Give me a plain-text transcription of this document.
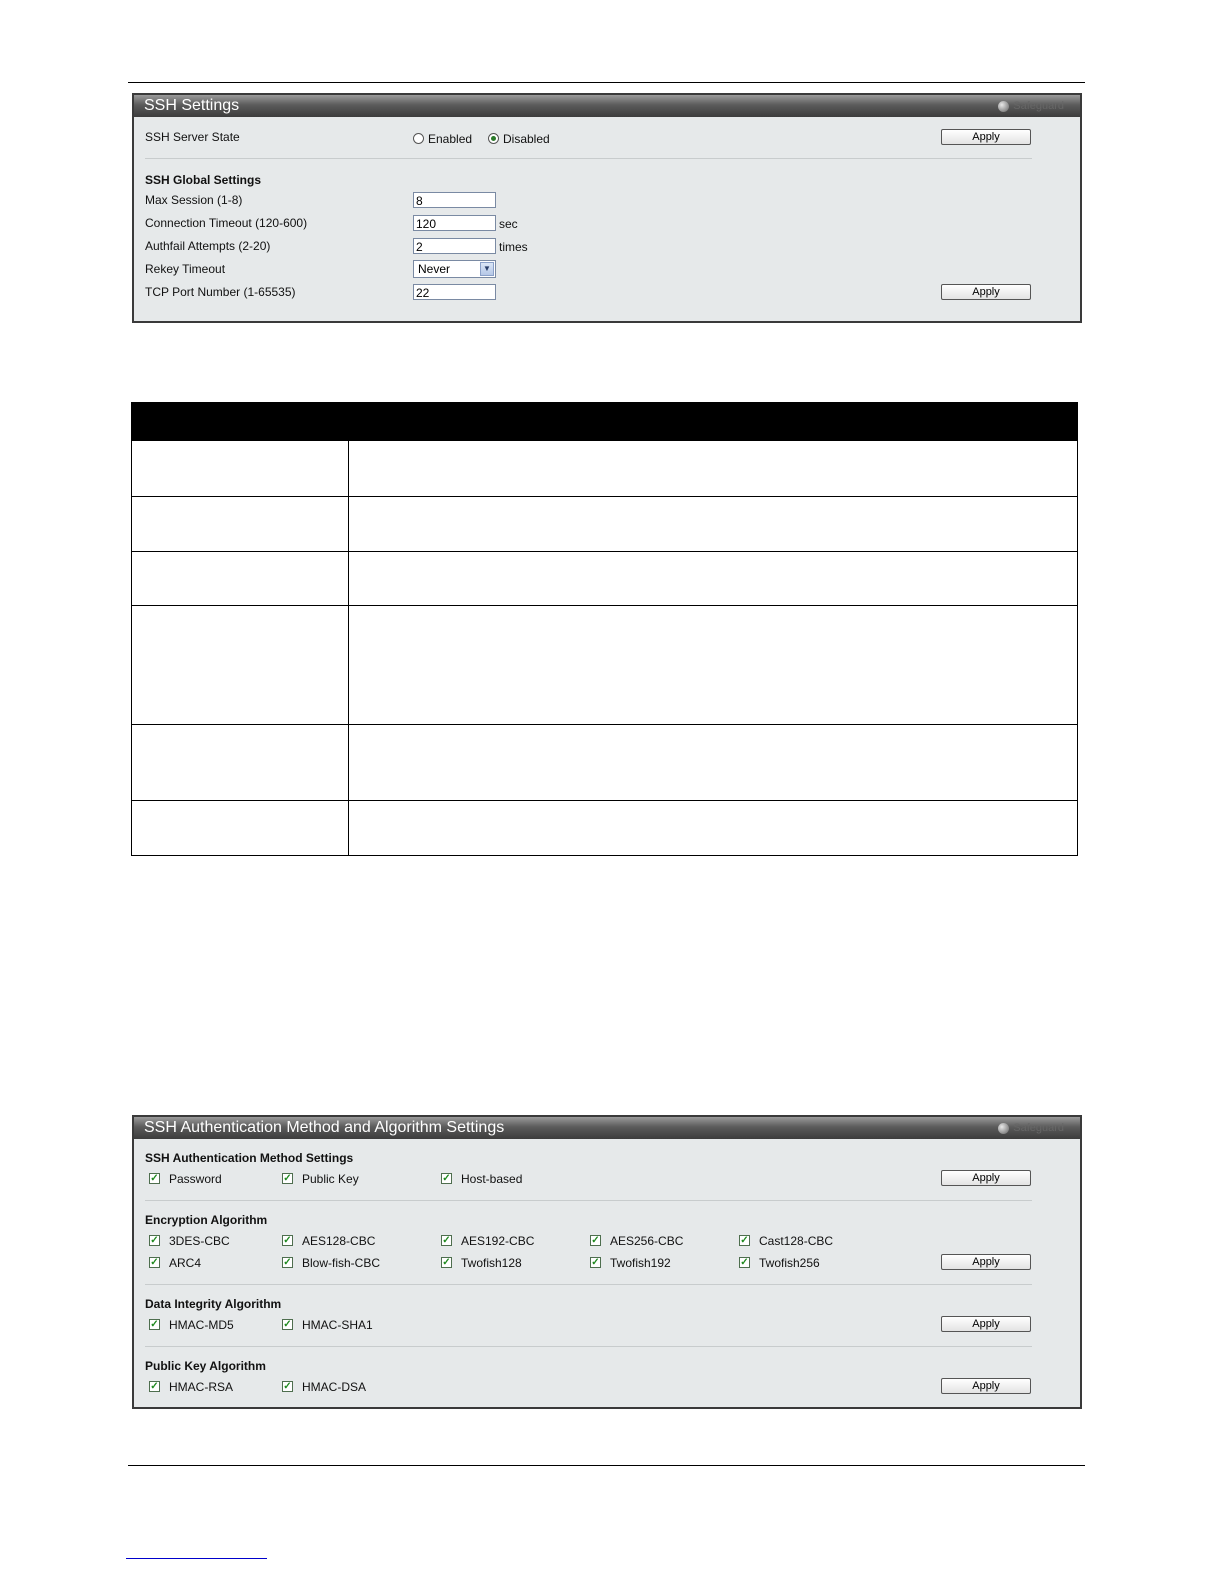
SSH Settings	Safeguard
SSH Server State	Enabled	Disabled	Apply
SSH Global Settings
Max Session (1-8)	8
Connection Timeout (120-600)	120	sec
Authfail Attempts (2-20)	2	times
Rekey Timeout	Never	▼
TCP Port Number (1-65535)	22	Apply
SSH Authentication Method and Algorithm Settings	Safeguard
SSH Authentication Method Settings
✓ Password	✓ Public Key	✓ Host-based	Apply
Encryption Algorithm
✓ 3DES-CBC	✓ AES128-CBC	✓ AES192-CBC	✓ AES256-CBC	✓ Cast128-CBC
✓ ARC4	✓ Blow-fish-CBC	✓ Twofish128	✓ Twofish192	✓ Twofish256	Apply
Data Integrity Algorithm
✓ HMAC-MD5	✓ HMAC-SHA1	Apply
Public Key Algorithm
✓ HMAC-RSA	✓ HMAC-DSA	Apply
